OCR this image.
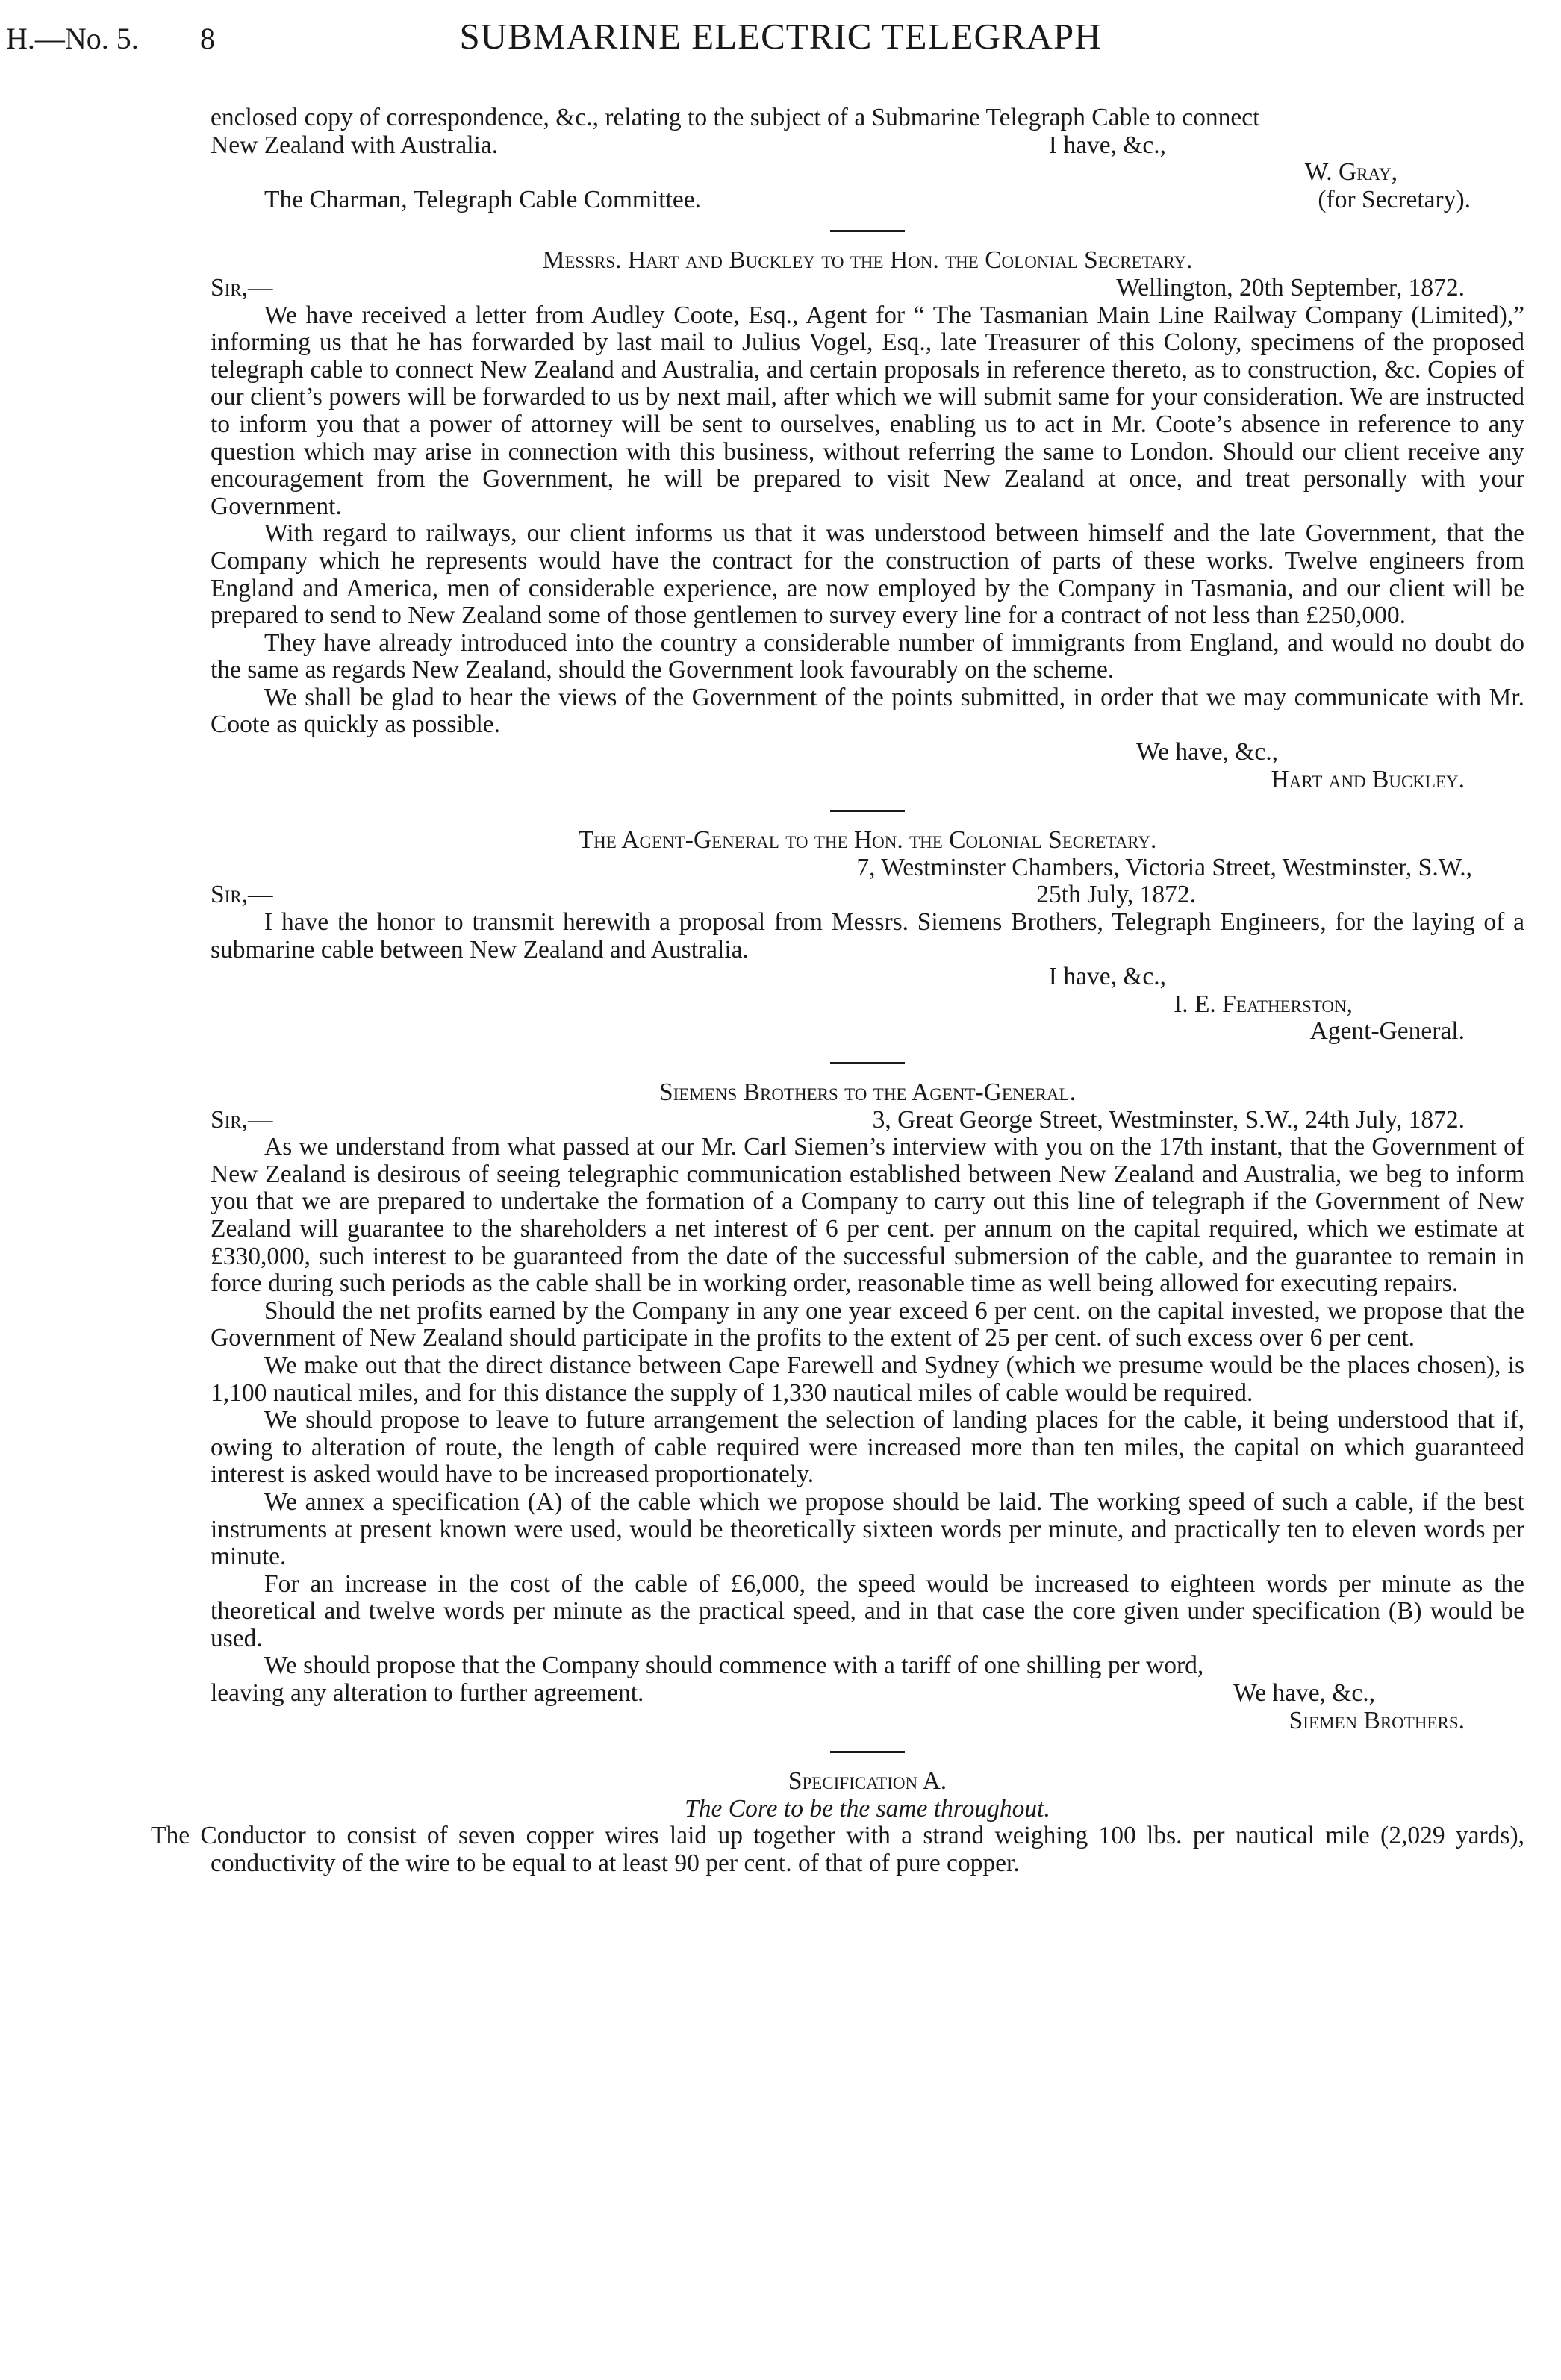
H.—No. 5. 8	SUBMARINE ELECTRIC TELEGRAPH

enclosed copy of correspondence, &c., relating to the subject of a Submarine Telegraph Cable to connect

New Zealand with Australia.	I have, &c.,
W. Gray,
The Charman, Telegraph Cable Committee.	(for Secretary).

Messrs. Hart and Buckley to the Hon. the Colonial Secretary.

Sir,—	Wellington, 20th September, 1872.

We have received a letter from Audley Coote, Esq., Agent for “ The Tasmanian Main Line Railway Company (Limited),” informing us that he has forwarded by last mail to Julius Vogel, Esq., late Treasurer of this Colony, specimens of the proposed telegraph cable to connect New Zealand and Australia, and certain proposals in reference thereto, as to construction, &c. Copies of our client’s powers will be forwarded to us by next mail, after which we will submit same for your consideration. We are instructed to inform you that a power of attorney will be sent to ourselves, enabling us to act in Mr. Coote’s absence in reference to any question which may arise in connection with this business, without referring the same to London. Should our client receive any encouragement from the Government, he will be prepared to visit New Zealand at once, and treat personally with your Government.

With regard to railways, our client informs us that it was understood between himself and the late Government, that the Company which he represents would have the contract for the construction of parts of these works. Twelve engineers from England and America, men of considerable experience, are now employed by the Company in Tasmania, and our client will be prepared to send to New Zealand some of those gentlemen to survey every line for a contract of not less than £250,000.

They have already introduced into the country a considerable number of immigrants from England, and would no doubt do the same as regards New Zealand, should the Government look favourably on the scheme.

We shall be glad to hear the views of the Government of the points submitted, in order that we may communicate with Mr. Coote as quickly as possible.

We have, &c.,
Hart and Buckley.

The Agent-General to the Hon. the Colonial Secretary.

7, Westminster Chambers, Victoria Street, Westminster, S.W.,
Sir,—	25th July, 1872.

I have the honor to transmit herewith a proposal from Messrs. Siemens Brothers, Telegraph Engineers, for the laying of a submarine cable between New Zealand and Australia.

I have, &c.,
I. E. Featherston,
Agent-General.

Siemens Brothers to the Agent-General.

Sir,—	3, Great George Street, Westminster, S.W., 24th July, 1872.

As we understand from what passed at our Mr. Carl Siemen’s interview with you on the 17th instant, that the Government of New Zealand is desirous of seeing telegraphic communication established between New Zealand and Australia, we beg to inform you that we are prepared to undertake the formation of a Company to carry out this line of telegraph if the Government of New Zealand will guarantee to the shareholders a net interest of 6 per cent. per annum on the capital required, which we estimate at £330,000, such interest to be guaranteed from the date of the successful submersion of the cable, and the guarantee to remain in force during such periods as the cable shall be in working order, reasonable time as well being allowed for executing repairs.

Should the net profits earned by the Company in any one year exceed 6 per cent. on the capital invested, we propose that the Government of New Zealand should participate in the profits to the extent of 25 per cent. of such excess over 6 per cent.

We make out that the direct distance between Cape Farewell and Sydney (which we presume would be the places chosen), is 1,100 nautical miles, and for this distance the supply of 1,330 nautical miles of cable would be required.

We should propose to leave to future arrangement the selection of landing places for the cable, it being understood that if, owing to alteration of route, the length of cable required were increased more than ten miles, the capital on which guaranteed interest is asked would have to be increased proportionately.

We annex a specification (A) of the cable which we propose should be laid. The working speed of such a cable, if the best instruments at present known were used, would be theoretically sixteen words per minute, and practically ten to eleven words per minute.

For an increase in the cost of the cable of £6,000, the speed would be increased to eighteen words per minute as the theoretical and twelve words per minute as the practical speed, and in that case the core given under specification (B) would be used.

We should propose that the Company should commence with a tariff of one shilling per word,

leaving any alteration to further agreement.	We have, &c.,
Siemen Brothers.

Specification A.

The Core to be the same throughout.

The Conductor to consist of seven copper wires laid up together with a strand weighing 100 lbs. per nautical mile (2,029 yards), conductivity of the wire to be equal to at least 90 per cent. of that of pure copper.
